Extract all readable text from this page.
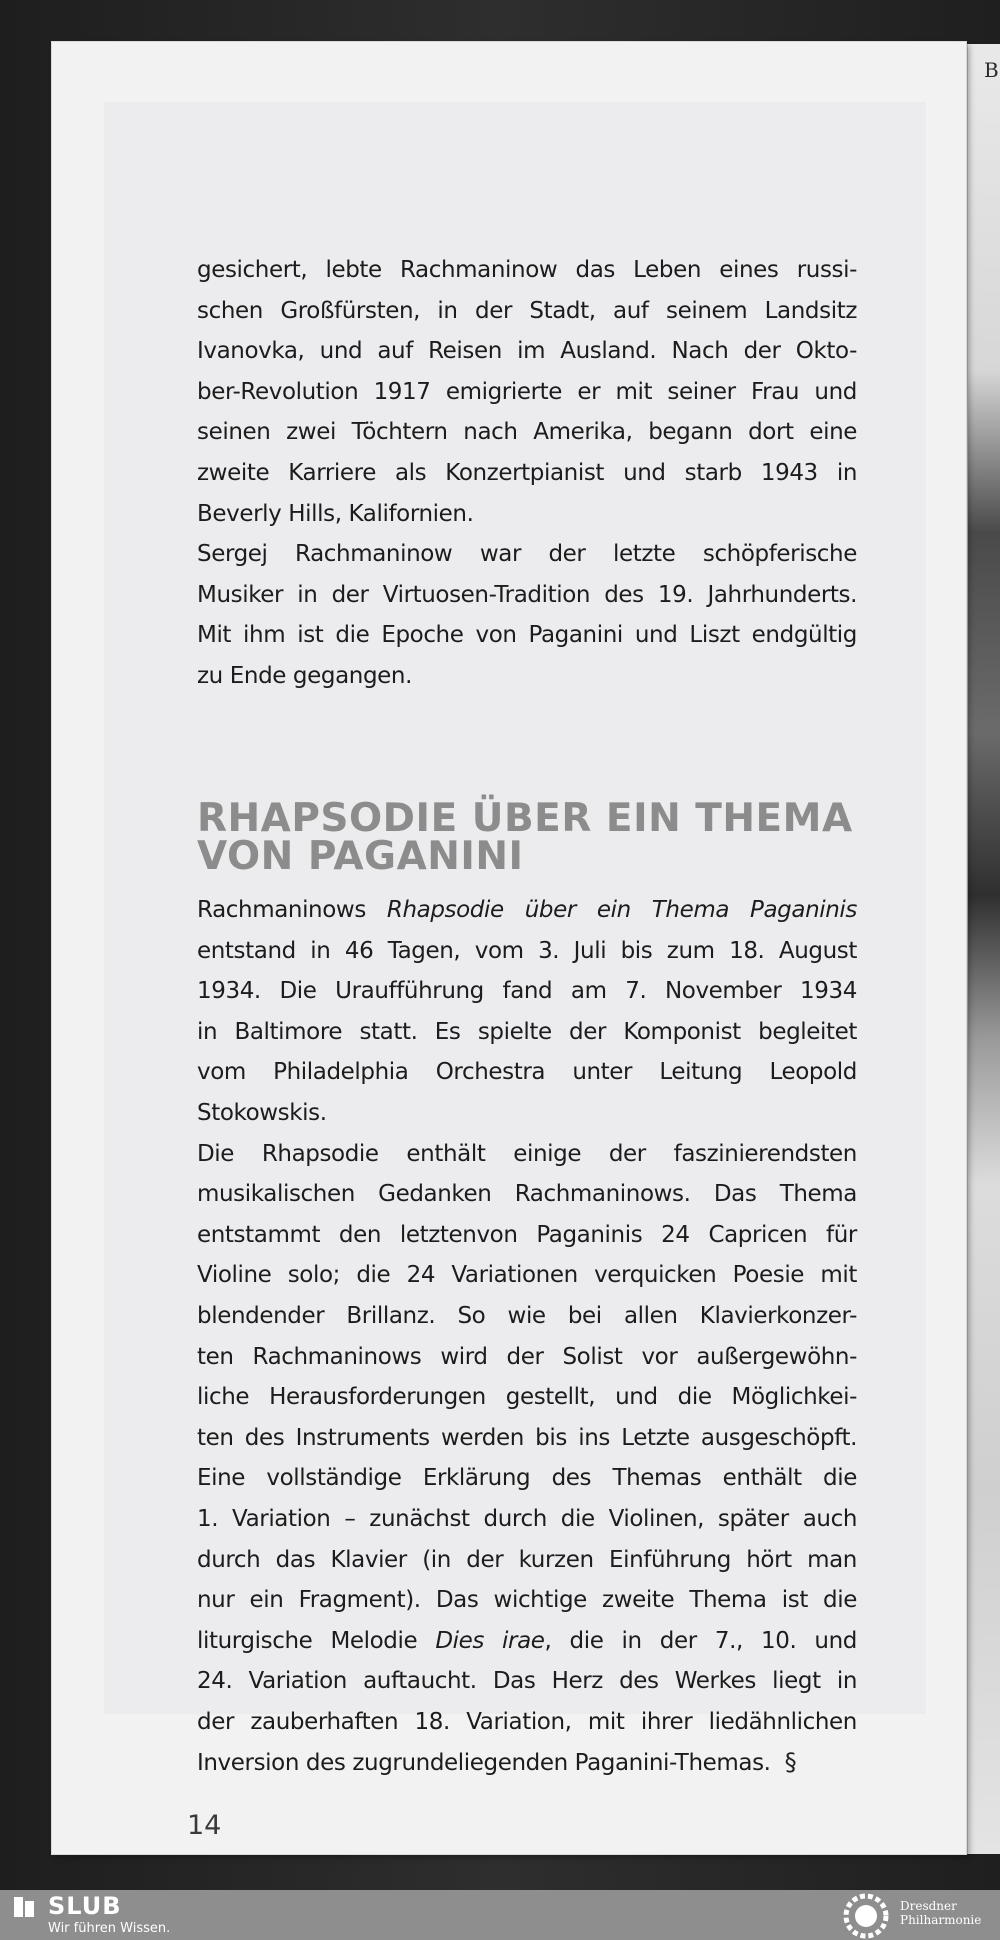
B
gesichert, lebte Rachmaninow das Leben eines russi-
schen Großfürsten, in der Stadt, auf seinem Landsitz
Ivanovka, und auf Reisen im Ausland. Nach der Okto-
ber-Revolution 1917 emigrierte er mit seiner Frau und
seinen zwei Töchtern nach Amerika, begann dort eine
zweite Karriere als Konzertpianist und starb 1943 in
Beverly Hills, Kalifornien.
Sergej Rachmaninow war der letzte schöpferische
Musiker in der Virtuosen-Tradition des 19. Jahrhunderts.
Mit ihm ist die Epoche von Paganini und Liszt endgültig
zu Ende gegangen.
RHAPSODIE ÜBER EIN THEMA
VON PAGANINI
Rachmaninows Rhapsodie über ein Thema Paganinis
entstand in 46 Tagen, vom 3. Juli bis zum 18. August
1934. Die Uraufführung fand am 7. November 1934
in Baltimore statt. Es spielte der Komponist begleitet
vom Philadelphia Orchestra unter Leitung Leopold
Stokowskis.
Die Rhapsodie enthält einige der faszinierendsten
musikalischen Gedanken Rachmaninows. Das Thema
entstammt den letztenvon Paganinis 24 Capricen für
Violine solo; die 24 Variationen verquicken Poesie mit
blendender Brillanz. So wie bei allen Klavierkonzer-
ten Rachmaninows wird der Solist vor außergewöhn-
liche Herausforderungen gestellt, und die Möglichkei-
ten des Instruments werden bis ins Letzte ausgeschöpft.
Eine vollständige Erklärung des Themas enthält die
1. Variation – zunächst durch die Violinen, später auch
durch das Klavier (in der kurzen Einführung hört man
nur ein Fragment). Das wichtige zweite Thema ist die
liturgische Melodie Dies irae, die in der 7., 10. und
24. Variation auftaucht. Das Herz des Werkes liegt in
der zauberhaften 18. Variation, mit ihrer liedähnlichen
Inversion des zugrundeliegenden Paganini-Themas. §
14
SLUB
Wir führen Wissen.
Dresdner
Philharmonie
